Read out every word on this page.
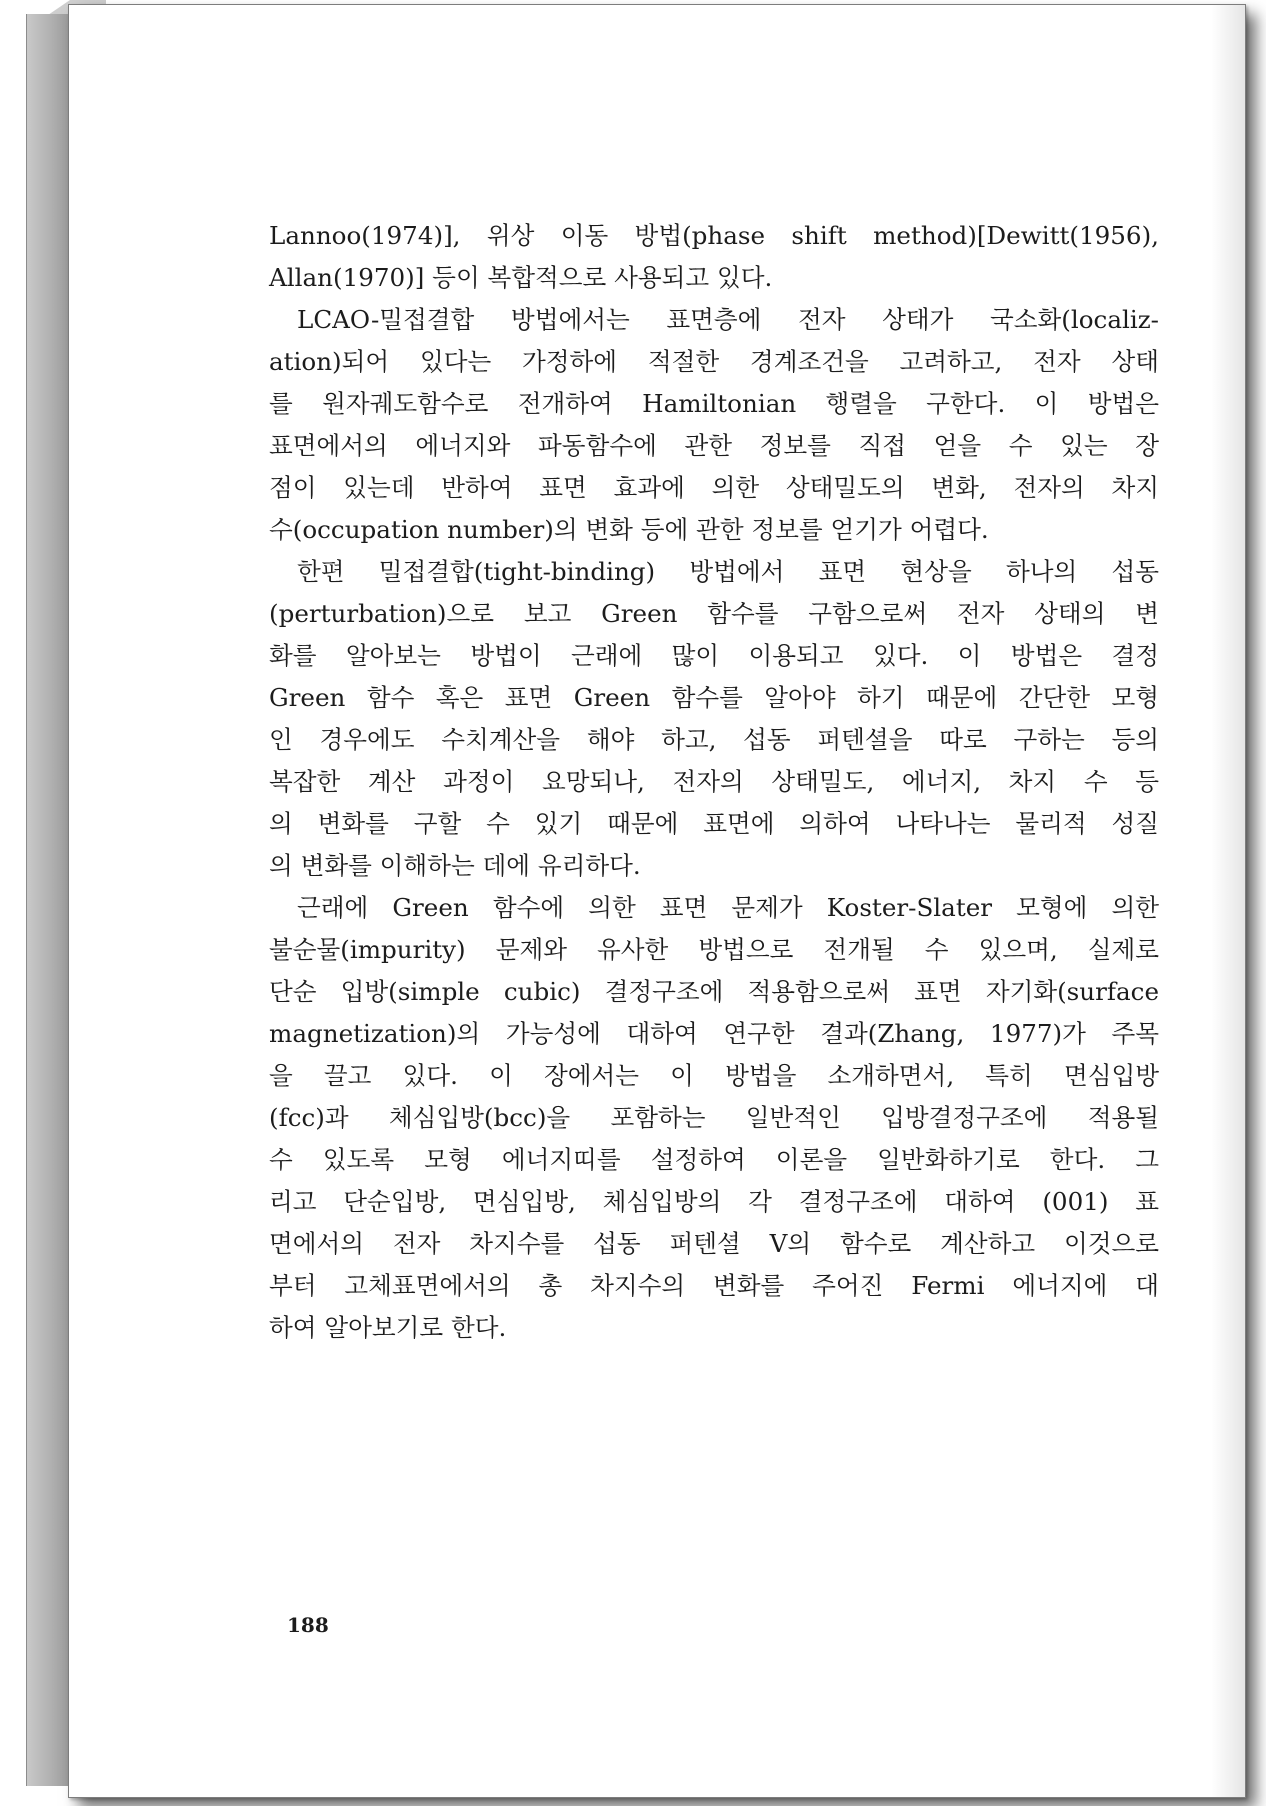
Lannoo(1974)], 위상 이동 방법(phase shift method)[Dewitt(1956),
Allan(1970)] 등이 복합적으로 사용되고 있다.
LCAO-밀접결합 방법에서는 표면층에 전자 상태가 국소화(localiz-
ation)되어 있다는 가정하에 적절한 경계조건을 고려하고, 전자 상태
를 원자궤도함수로 전개하여 Hamiltonian 행렬을 구한다. 이 방법은
표면에서의 에너지와 파동함수에 관한 정보를 직접 얻을 수 있는 장
점이 있는데 반하여 표면 효과에 의한 상태밀도의 변화, 전자의 차지
수(occupation number)의 변화 등에 관한 정보를 얻기가 어렵다.
한편 밀접결합(tight-binding) 방법에서 표면 현상을 하나의 섭동
(perturbation)으로 보고 Green 함수를 구함으로써 전자 상태의 변
화를 알아보는 방법이 근래에 많이 이용되고 있다. 이 방법은 결정
Green 함수 혹은 표면 Green 함수를 알아야 하기 때문에 간단한 모형
인 경우에도 수치계산을 해야 하고, 섭동 퍼텐셜을 따로 구하는 등의
복잡한 계산 과정이 요망되나, 전자의 상태밀도, 에너지, 차지 수 등
의 변화를 구할 수 있기 때문에 표면에 의하여 나타나는 물리적 성질
의 변화를 이해하는 데에 유리하다.
근래에 Green 함수에 의한 표면 문제가 Koster-Slater 모형에 의한
불순물(impurity) 문제와 유사한 방법으로 전개될 수 있으며, 실제로
단순 입방(simple cubic) 결정구조에 적용함으로써 표면 자기화(surface
magnetization)의 가능성에 대하여 연구한 결과(Zhang, 1977)가 주목
을 끌고 있다. 이 장에서는 이 방법을 소개하면서, 특히 면심입방
(fcc)과 체심입방(bcc)을 포함하는 일반적인 입방결정구조에 적용될
수 있도록 모형 에너지띠를 설정하여 이론을 일반화하기로 한다. 그
리고 단순입방, 면심입방, 체심입방의 각 결정구조에 대하여 (001) 표
면에서의 전자 차지수를 섭동 퍼텐셜 V의 함수로 계산하고 이것으로
부터 고체표면에서의 총 차지수의 변화를 주어진 Fermi 에너지에 대
하여 알아보기로 한다.
188
